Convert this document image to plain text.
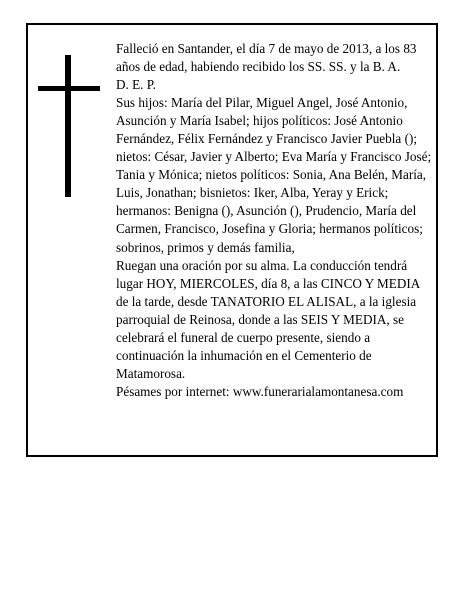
Falleció en Santander, el día 7 de mayo de 2013, a los 83 años de edad, habiendo recibido los SS. SS. y la B. A.

D. E. P.

Sus hijos: María del Pilar, Miguel Angel, José Antonio, Asunción y María Isabel; hijos políticos: José Antonio Fernández, Félix Fernández y Francisco Javier Puebla (); nietos: César, Javier y Alberto; Eva María y Francisco José; Tania y Mónica; nietos políticos: Sonia, Ana Belén, María, Luis, Jonathan; bisnietos: Iker, Alba, Yeray y Erick; hermanos: Benigna (), Asunción (), Prudencio, María del Carmen, Francisco, Josefina y Gloria; hermanos políticos; sobrinos, primos y demás familia,

Ruegan una oración por su alma. La conducción tendrá lugar HOY, MIERCOLES, día 8, a las CINCO Y MEDIA de la tarde, desde TANATORIO EL ALISAL, a la iglesia parroquial de Reinosa, donde a las SEIS Y MEDIA, se celebrará el funeral de cuerpo presente, siendo a continuación la inhumación en el Cementerio de Matamorosa.

Pésames por internet: www.funerarialamontanesa.com
